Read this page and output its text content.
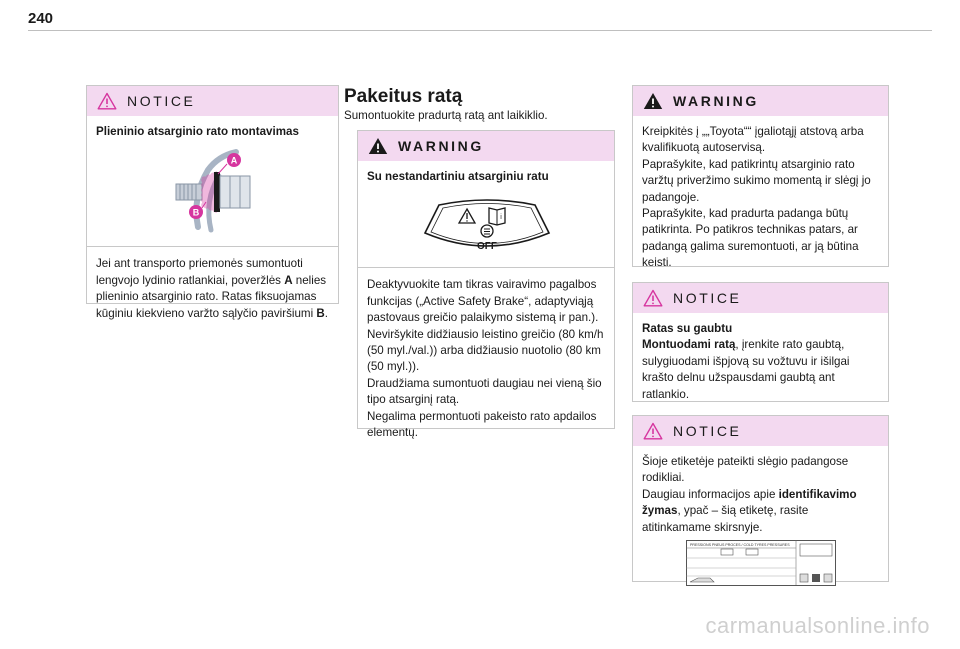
240
NOTICE

Plieninio atsarginio rato montavimas

A
B

Jei ant transporto priemonės sumontuoti lengvojo lydinio ratlankiai, poveržlės A nelies plieninio atsarginio rato. Ratas fiksuojamas kūginiu kiekvieno varžto sąlyčio paviršiumi B.

Pakeitus ratą
Sumontuokite pradurtą ratą ant laikiklio.
WARNING

Su nestandartiniu atsarginiu ratu

i
OFF

Deaktyvuokite tam tikras vairavimo pagalbos funkcijas („Active Safety Brake“, adaptyviąją pastovaus greičio palaikymo sistemą ir pan.).

Neviršykite didžiausio leistino greičio (80 km/h (50 myl./val.)) arba didžiausio nuotolio (80 km (50 myl.)).

Draudžiama sumontuoti daugiau nei vieną šio tipo atsarginį ratą.

Negalima permontuoti pakeisto rato apdailos elementų.

WARNING

Kreipkitės į „„Toyota““ įgaliotąjį atstovą arba kvalifikuotą autoservisą.

Paprašykite, kad patikrintų atsarginio rato varžtų priveržimo sukimo momentą ir slėgį jo padangoje.

Paprašykite, kad pradurta padanga būtų patikrinta. Po patikros technikas patars, ar padangą galima suremontuoti, ar ją būtina keisti.

NOTICE

Ratas su gaubtu

Montuodami ratą, įrenkite rato gaubtą, sulygiuodami išpjovą su vožtuvu ir išilgai krašto delnu užspausdami gaubtą ant ratlankio.

NOTICE

Šioje etiketėje pateikti slėgio padangose rodikliai.

Daugiau informacijos apie identifikavimo žymas, ypač – šią etiketę, rasite atitinkamame skirsnyje.

PRESSIONS PNEUS PROCES / COLD TYRES PRESSURES
carmanualsonline.info
